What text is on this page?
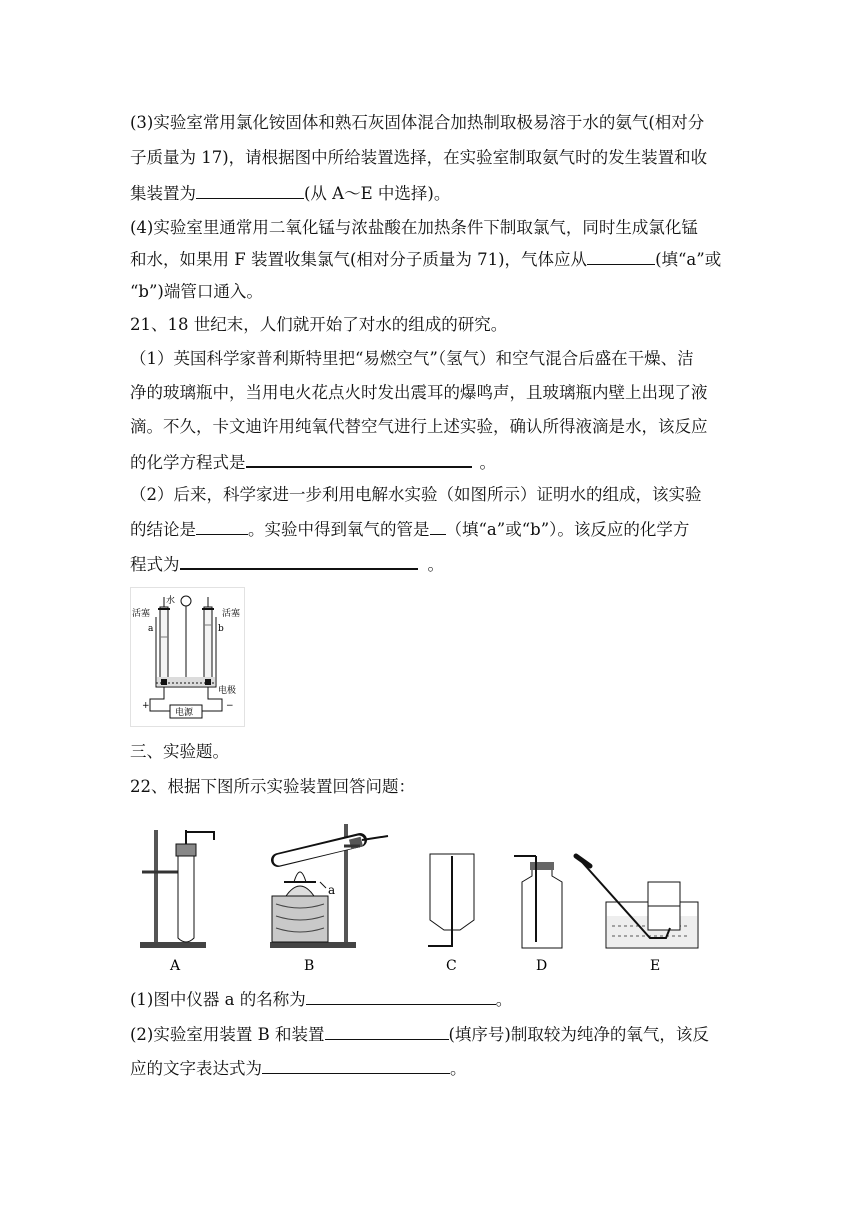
(3)实验室常用氯化铵固体和熟石灰固体混合加热制取极易溶于水的氨气(相对分
子质量为 17)，请根据图中所给装置选择，在实验室制取氨气时的发生装置和收
集装置为	(从 A～E 中选择)。
(4)实验室里通常用二氧化锰与浓盐酸在加热条件下制取氯气，同时生成氯化锰
和水，如果用 F 装置收集氯气(相对分子质量为 71)，气体应从	(填“a”或
“b”)端管口通入。
21、18 世纪末，人们就开始了对水的组成的研究。
（1）英国科学家普利斯特里把“易燃空气”（氢气）和空气混合后盛在干燥、洁
净的玻璃瓶中，当用电火花点火时发出震耳的爆鸣声，且玻璃瓶内壁上出现了液
滴。不久，卡文迪许用纯氧代替空气进行上述实验，确认所得液滴是水，该反应
的化学方程式是	。
（2）后来，科学家进一步利用电解水实验（如图所示）证明水的组成，该实验
的结论是	。实验中得到氧气的管是 （填“a”或“b”）。该反应的化学方
程式为	。
水
活塞	活塞
a	b
电极
+	−
电源
三、实验题。
22、根据下图所示实验装置回答问题：
A
a
B	C	D	E
(1)图中仪器 a 的名称为	。
(2)实验室用装置 B 和装置	(填序号)制取较为纯净的氧气，该反
应的文字表达式为	。
